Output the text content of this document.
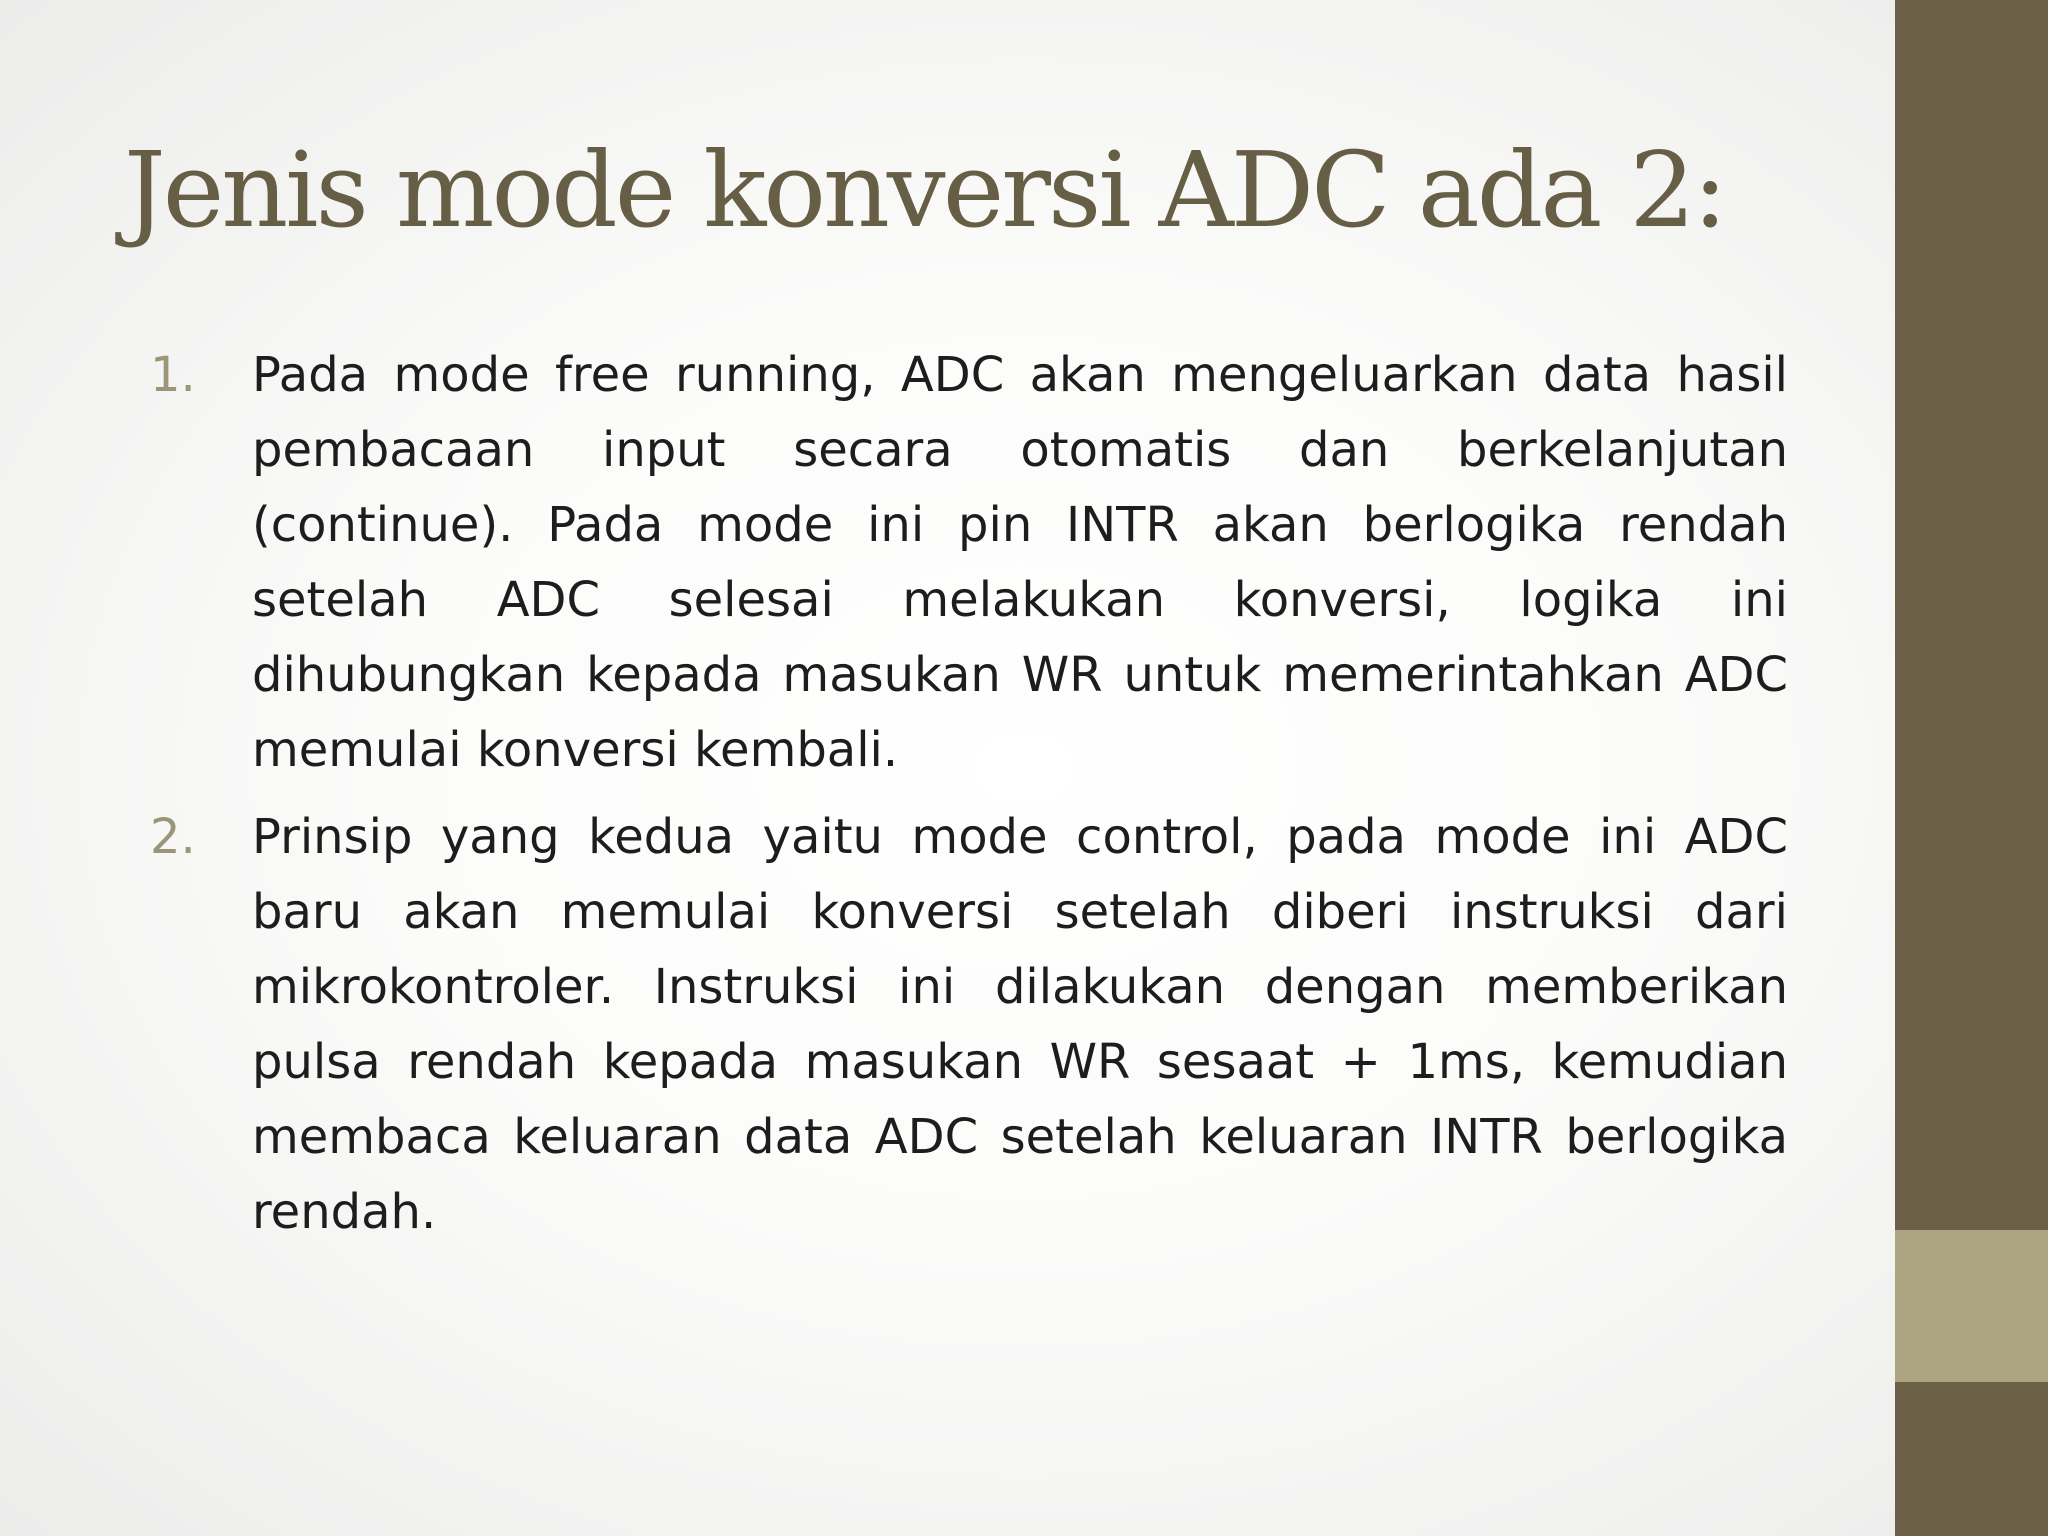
Jenis mode konversi ADC ada 2:
1. Pada mode free running, ADC akan mengeluarkan data hasil pembacaan input secara otomatis dan berkelanjutan (continue). Pada mode ini pin INTR akan berlogika rendah setelah ADC selesai melakukan konversi, logika ini dihubungkan kepada masukan WR untuk memerintahkan ADC memulai konversi kembali.

2. Prinsip yang kedua yaitu mode control, pada mode ini ADC baru akan memulai konversi setelah diberi instruksi dari mikrokontroler. Instruksi ini dilakukan dengan memberikan pulsa rendah kepada masukan WR sesaat + 1ms, kemudian membaca keluaran data ADC setelah keluaran INTR berlogika rendah.
